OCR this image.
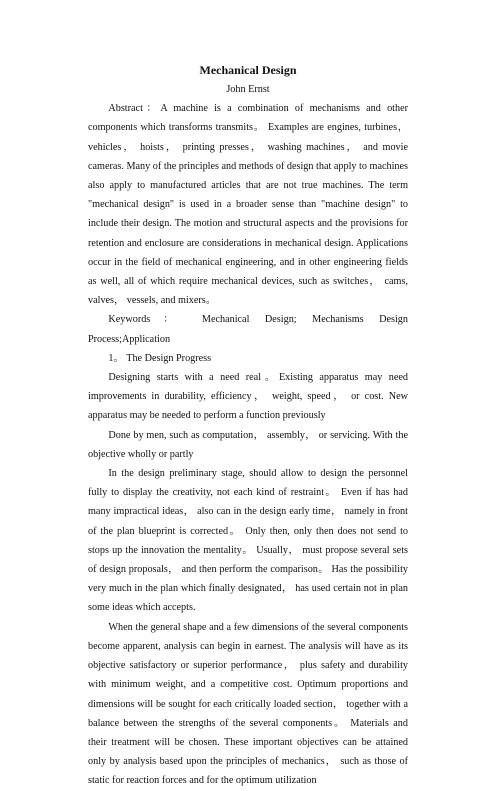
Mechanical Design
John Ernst

Abstract：A machine is a combination of mechanisms and other components which transforms transmits。 Examples are engines, turbines， vehicles， hoists， printing presses， washing machines， and movie cameras. Many of the principles and methods of design that apply to machines also apply to manufactured articles that are not true machines. The term "mechanical design" is used in a broader sense than "machine design" to include their design. The motion and structural aspects and the provisions for retention and enclosure are considerations in mechanical design. Applications occur in the field of mechanical engineering, and in other engineering fields as well, all of which require mechanical devices, such as switches， cams, valves， vessels, and mixers。

Keywords： Mechanical Design; Mechanisms Design Process;Application

1。 The Design Progress

Designing starts with a need real。Existing apparatus may need improvements in durability, efficiency， weight, speed， or cost. New apparatus may be needed to perform a function previously

Done by men, such as computation， assembly， or servicing. With the objective wholly or partly

In the design preliminary stage, should allow to design the personnel fully to display the creativity, not each kind of restraint。 Even if has had many impractical ideas， also can in the design early time， namely in front of the plan blueprint is corrected。 Only then, only then does not send to stops up the innovation the mentality。 Usually， must propose several sets of design proposals， and then perform the comparison。 Has the possibility very much in the plan which finally designated， has used certain not in plan some ideas which accepts.

When the general shape and a few dimensions of the several components become apparent, analysis can begin in earnest. The analysis will have as its objective satisfactory or superior performance， plus safety and durability with minimum weight, and a competitive cost. Optimum proportions and dimensions will be sought for each critically loaded section， together with a balance between the strengths of the several components。 Materials and their treatment will be chosen. These important objectives can be attained only by analysis based upon the principles of mechanics， such as those of static for reaction forces and for the optimum utilization
